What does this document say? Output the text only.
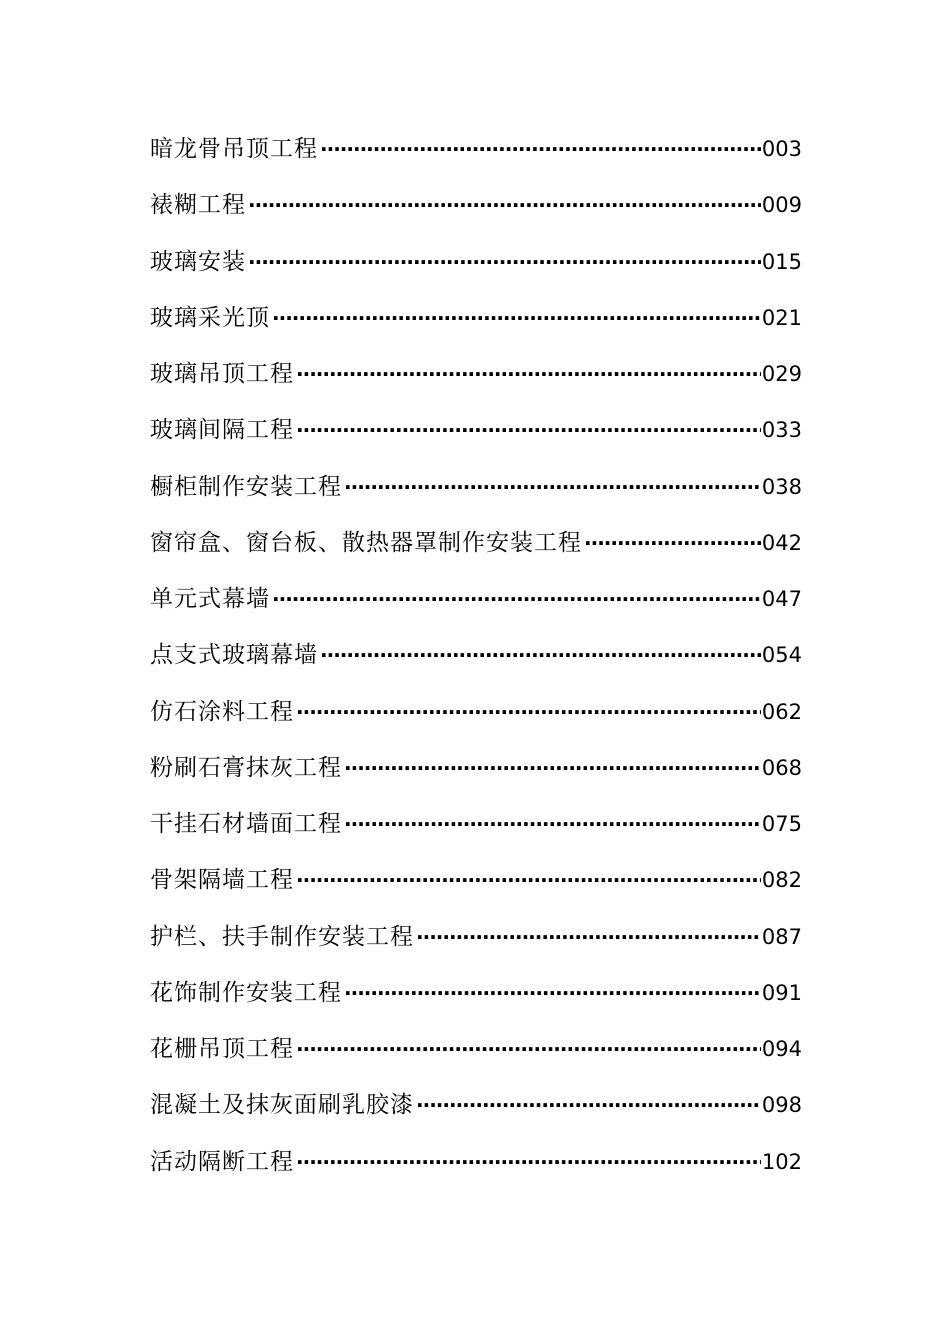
暗龙骨吊顶工程 ·····	003
裱糊工程 ·····	009
玻璃安装 ·····	015
玻璃采光顶 ·····	021
玻璃吊顶工程 ·····	029
玻璃间隔工程 ·····	033
橱柜制作安装工程 ·····	038
窗帘盒、窗台板、散热器罩制作安装工程 ·····	042
单元式幕墙 ·····	047
点支式玻璃幕墙 ·····	054
仿石涂料工程 ·····	062
粉刷石膏抹灰工程 ·····	068
干挂石材墙面工程 ·····	075
骨架隔墙工程 ·····	082
护栏、扶手制作安装工程 ·····	087
花饰制作安装工程 ·····	091
花栅吊顶工程 ·····	094
混凝土及抹灰面刷乳胶漆 ·····	098
活动隔断工程 ·····	102
